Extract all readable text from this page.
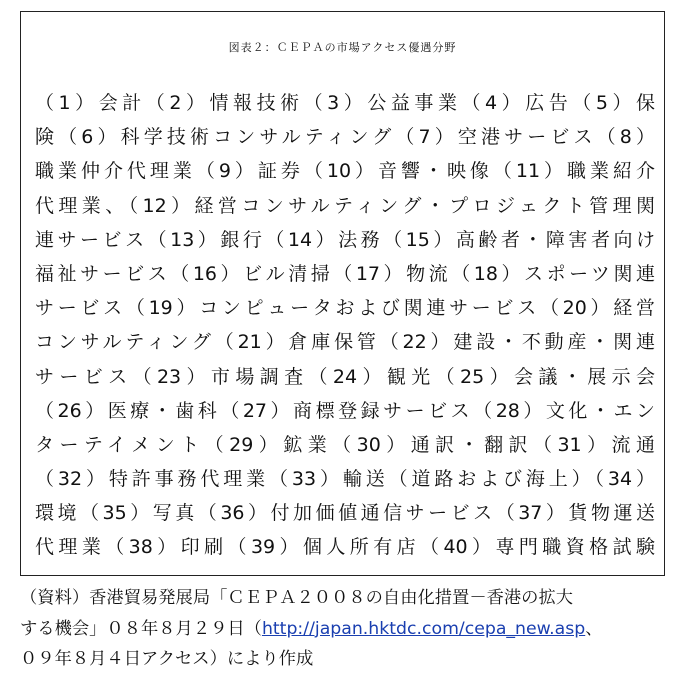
図表２：ＣＥＰＡの市場アクセス優遇分野
（1）会計（2）情報技術（3）公益事業（4）広告（5）保
険（6）科学技術コンサルティング（7）空港サービス（8）
職業仲介代理業（9）証券（10）音響・映像（11）職業紹介
代理業、（12）経営コンサルティング・プロジェクト管理関
連サービス（13）銀行（14）法務（15）高齢者・障害者向け
福祉サービス（16）ビル清掃（17）物流（18）スポーツ関連
サービス（19）コンピュータおよび関連サービス（20）経営
コンサルティング（21）倉庫保管（22）建設・不動産・関連
サービス（23）市場調査（24）観光（25）会議・展示会
（26）医療・歯科（27）商標登録サービス（28）文化・エン
ターテイメント（29）鉱業（30）通訳・翻訳（31）流通
（32）特許事務代理業（33）輸送（道路および海上）（34）
環境（35）写真（36）付加価値通信サービス（37）貨物運送
代理業（38）印刷（39）個人所有店（40）専門職資格試験
（資料）香港貿易発展局「ＣＥＰＡ２００８の自由化措置－香港の拡大
する機会」０８年８月２９日（http://japan.hktdc.com/cepa_new.asp、
０９年８月４日アクセス）により作成
